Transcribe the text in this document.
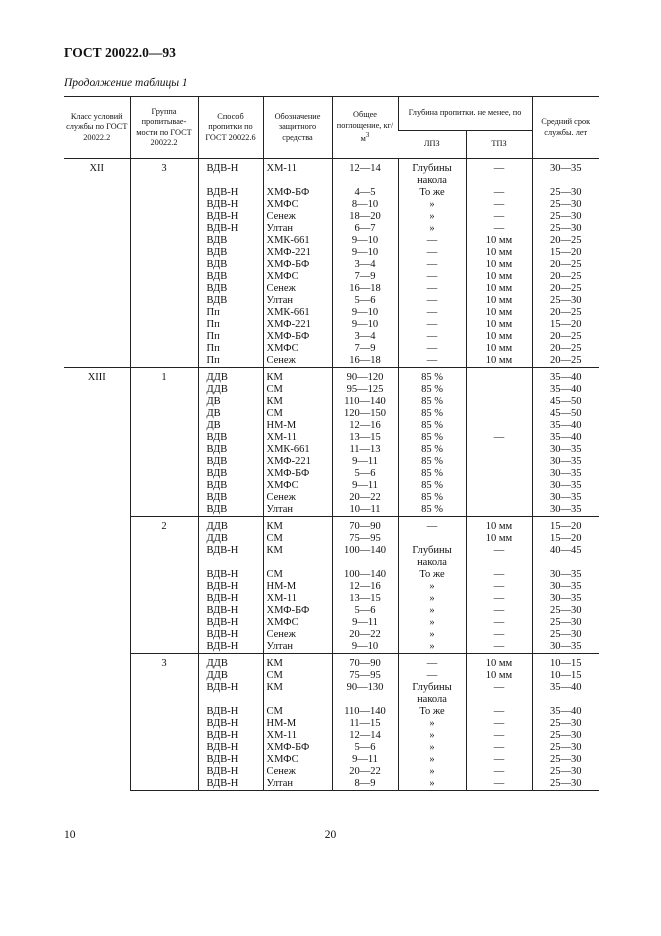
ГОСТ 20022.0—93
Продолжение таблицы 1
Класс условий службы по ГОСТ 20022.2	Группа пропитывае- мости по ГОСТ 20022.2	Способ пропитки по ГОСТ 20022.6	Обозначение защитного средства	Общее поглощение, $кг/м^3$	Глубина пропитки. не менее, по		Средний срок службы. лет
					ЛПЗ	ТПЗ	
XII	3	ВДВ-Н	ХМ-11	12—14	Глубины накола	—	30—35
		ВДВ-Н	ХМФ-БФ	4—5	То же	—	25—30
		ВДВ-Н	ХМФС	8—10	»	—	25—30
		ВДВ-Н	Сенеж	18—20	»	—	25—30
		ВДВ-Н	Ултан	6—7	»	—	25—30
		ВДВ	ХМК-661	9—10	—	10 мм	20—25
		ВДВ	ХМФ-221	9—10	—	10 мм	15—20
		ВДВ	ХМФ-БФ	3—4	—	10 мм	20—25
		ВДВ	ХМФС	7—9	—	10 мм	20—25
		ВДВ	Сенеж	16—18	—	10 мм	20—25
		ВДВ	Ултан	5—6	—	10 мм	25—30
		Пп	ХМК-661	9—10	—	10 мм	20—25
		Пп	ХМФ-221	9—10	—	10 мм	15—20
		Пп	ХМФ-БФ	3—4	—	10 мм	20—25
		Пп	ХМФС	7—9	—	10 мм	20—25
		Пп	Сенеж	16—18	—	10 мм	20—25
XIII	1	ДДВ	КМ	90—120	85 %		35—40
		ДДВ	СМ	95—125	85 %		35—40
		ДВ	КМ	110—140	85 %		45—50
		ДВ	СМ	120—150	85 %		45—50
		ДВ	НМ-М	12—16	85 %		35—40
		ВДВ	ХМ-11	13—15	85 %	—	35—40
		ВДВ	ХМК-661	11—13	85 %		30—35
		ВДВ	ХМФ-221	9—11	85 %		30—35
		ВДВ	ХМФ-БФ	5—6	85 %		30—35
		ВДВ	ХМФС	9—11	85 %		30—35
		ВДВ	Сенеж	20—22	85 %		30—35
		ВДВ	Ултан	10—11	85 %		30—35
	2	ДДВ	КМ	70—90	—	10 мм	15—20
		ДДВ	СМ	75—95		10 мм	15—20
		ВДВ-Н	КМ	100—140	Глубины накола	—	40—45
		ВДВ-Н	СМ	100—140	То же	—	30—35
		ВДВ-Н	НМ-М	12—16	»	—	30—35
		ВДВ-Н	ХМ-11	13—15	»	—	30—35
		ВДВ-Н	ХМФ-БФ	5—6	»	—	25—30
		ВДВ-Н	ХМФС	9—11	»	—	25—30
		ВДВ-Н	Сенеж	20—22	»	—	25—30
		ВДВ-Н	Ултан	9—10	»	—	30—35
	3	ДДВ	КМ	70—90	—	10 мм	10—15
		ДДВ	СМ	75—95	—	10 мм	10—15
		ВДВ-Н	КМ	90—130	Глубины накола	—	35—40
		ВДВ-Н	СМ	110—140	То же	—	35—40
		ВДВ-Н	НМ-М	11—15	»	—	25—30
		ВДВ-Н	ХМ-11	12—14	»	—	25—30
		ВДВ-Н	ХМФ-БФ	5—6	»	—	25—30
		ВДВ-Н	ХМФС	9—11	»	—	25—30
		ВДВ-Н	Сенеж	20—22	»	—	25—30
		ВДВ-Н	Ултан	8—9	»	—	25—30
10	20
